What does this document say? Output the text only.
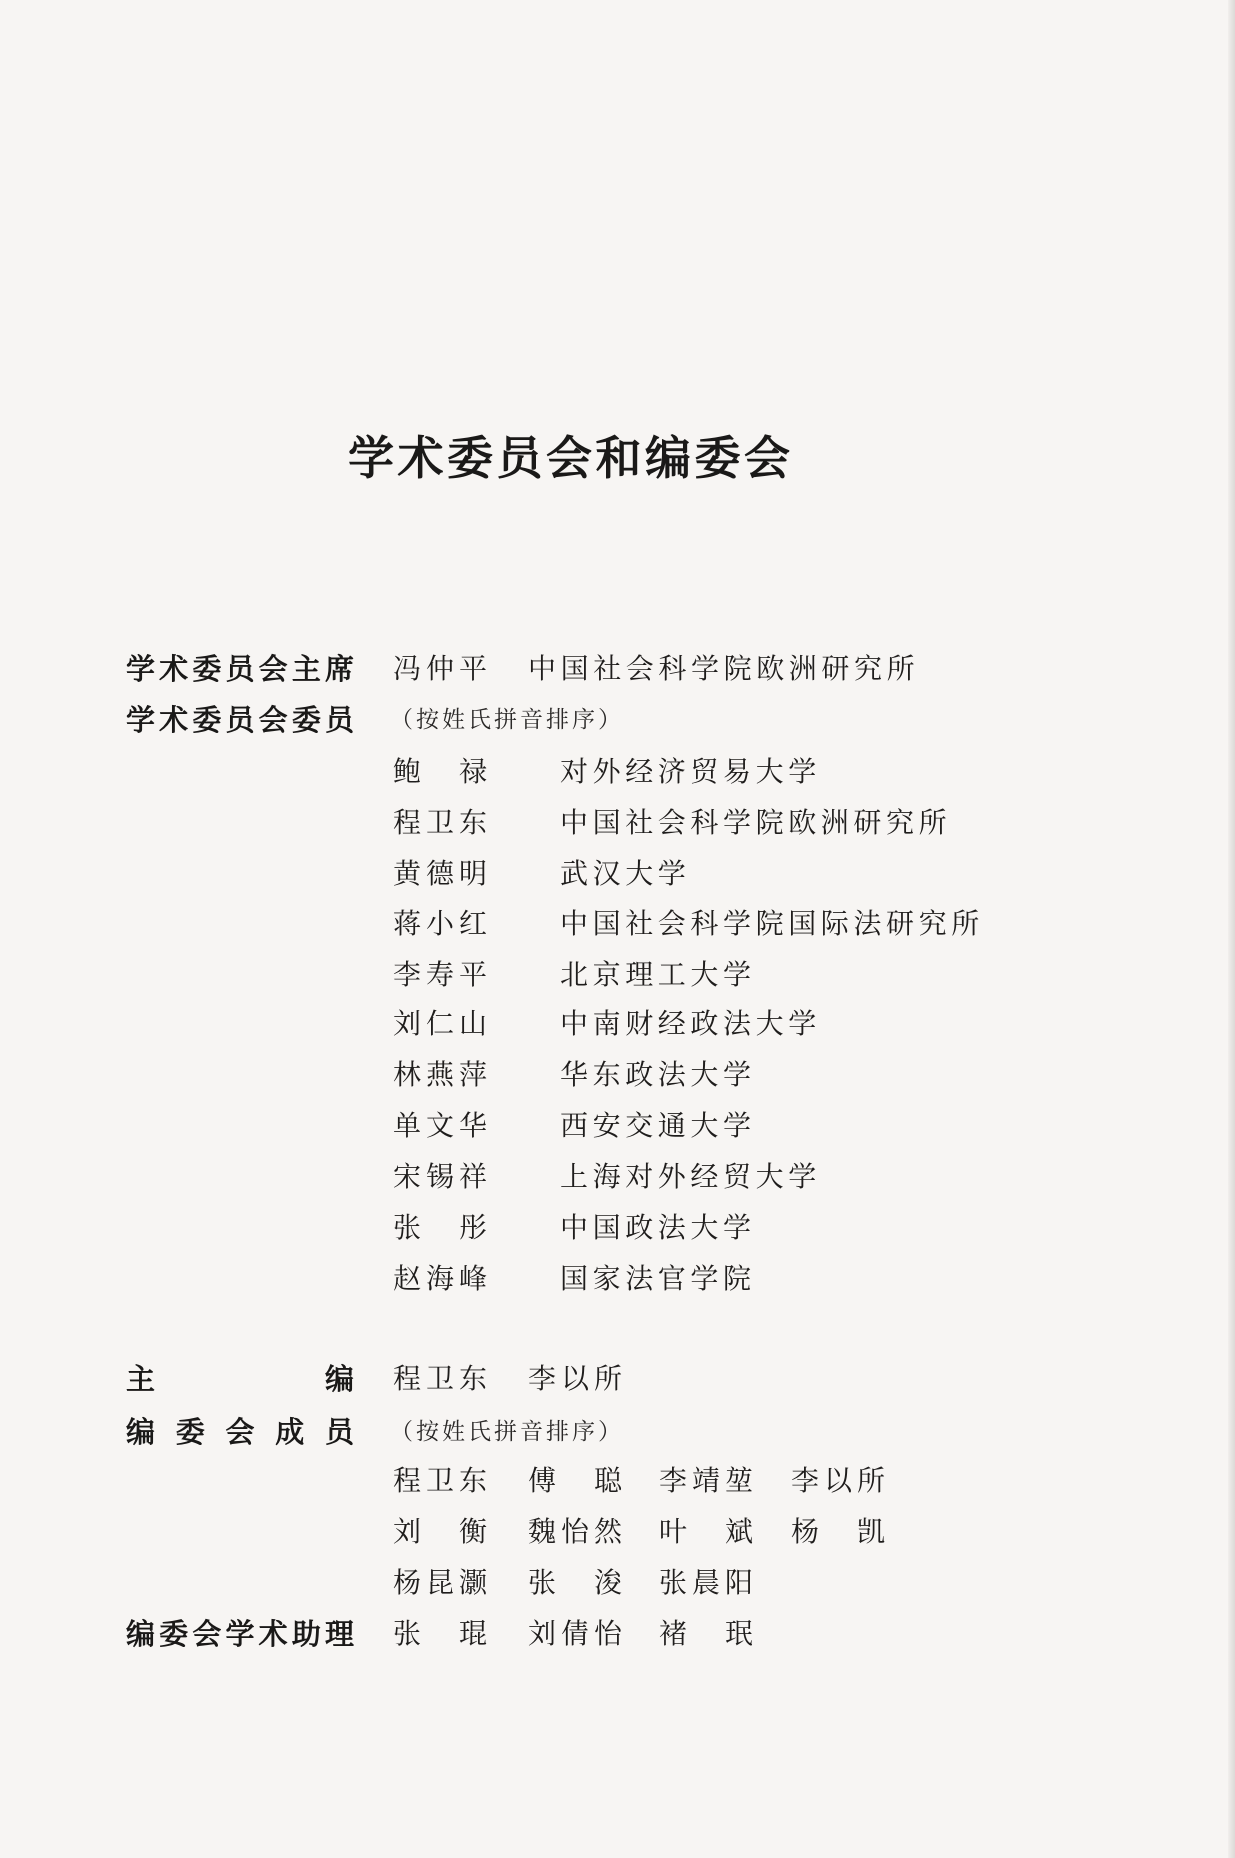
学术委员会和编委会
学术委员会主席 冯仲平 中国社会科学院欧洲研究所
学术委员会委员 （按姓氏拼音排序）
鲍 禄	对外经济贸易大学
程卫东	中国社会科学院欧洲研究所
黄德明	武汉大学
蒋小红	中国社会科学院国际法研究所
李寿平	北京理工大学
刘仁山	中南财经政法大学
林燕萍	华东政法大学
单文华	西安交通大学
宋锡祥	上海对外经贸大学
张 彤	中国政法大学
赵海峰	国家法官学院
主 编 程卫东 李以所
编 委 会 成 员 （按姓氏拼音排序）
程卫东 傅 聪 李靖堃 李以所
刘 衡 魏怡然 叶 斌 杨 凯
杨昆灏 张 浚 张晨阳
编委会学术助理 张 琨 刘倩怡 褚 珉
